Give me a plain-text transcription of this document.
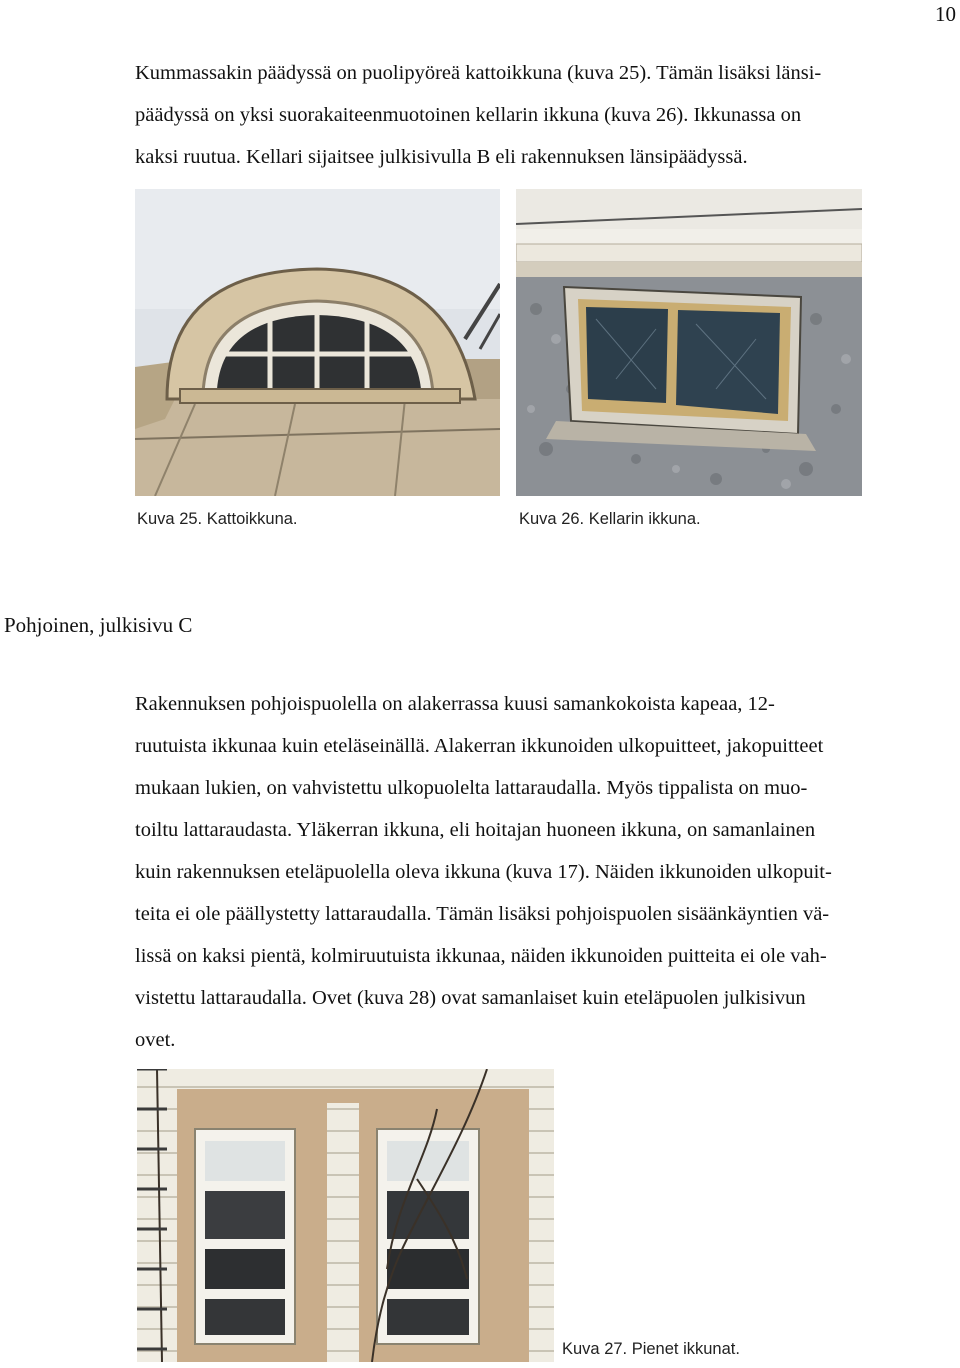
10

Kummassakin päädyssä on puolipyöreä kattoikkuna (kuva 25). Tämän lisäksi länsi-
päädyssä on yksi suorakaiteenmuotoinen kellarin ikkuna (kuva 26). Ikkunassa on
kaksi ruutua. Kellari sijaitsee julkisivulla B eli rakennuksen länsipäädyssä.

Kuva 25. Kattoikkuna.	Kuva 26. Kellarin ikkuna.
Pohjoinen, julkisivu C

Rakennuksen pohjoispuolella on alakerrassa kuusi samankokoista kapeaa, 12-
ruutuista ikkunaa kuin eteläseinällä. Alakerran ikkunoiden ulkopuitteet, jakopuitteet
mukaan lukien, on vahvistettu ulkopuolelta lattaraudalla. Myös tippalista on muo-
toiltu lattaraudasta. Yläkerran ikkuna, eli hoitajan huoneen ikkuna, on samanlainen
kuin rakennuksen eteläpuolella oleva ikkuna (kuva 17). Näiden ikkunoiden ulkopuit-
teita ei ole päällystetty lattaraudalla. Tämän lisäksi pohjoispuolen sisäänkäyntien vä-
lissä on kaksi pientä, kolmiruutuista ikkunaa, näiden ikkunoiden puitteita ei ole vah-
vistettu lattaraudalla. Ovet (kuva 28) ovat samanlaiset kuin eteläpuolen julkisivun
ovet.

Kuva 27. Pienet ikkunat.
